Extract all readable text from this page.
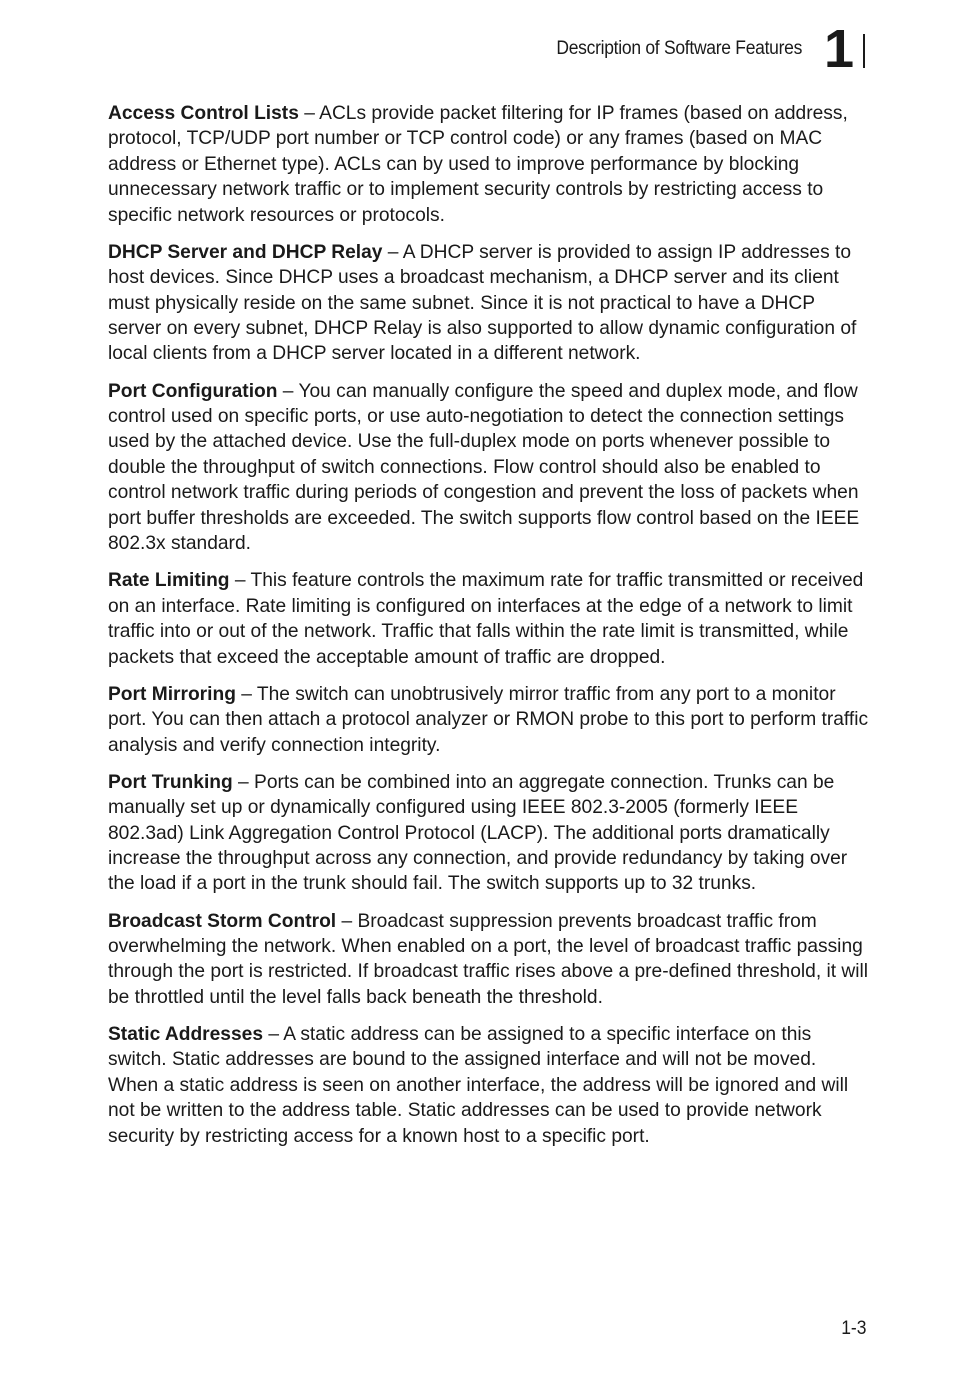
Description of Software Features 1

Access Control Lists – ACLs provide packet filtering for IP frames (based on address, protocol, TCP/UDP port number or TCP control code) or any frames (based on MAC address or Ethernet type). ACLs can by used to improve performance by blocking unnecessary network traffic or to implement security controls by restricting access to specific network resources or protocols.

DHCP Server and DHCP Relay – A DHCP server is provided to assign IP addresses to host devices. Since DHCP uses a broadcast mechanism, a DHCP server and its client must physically reside on the same subnet. Since it is not practical to have a DHCP server on every subnet, DHCP Relay is also supported to allow dynamic configuration of local clients from a DHCP server located in a different network.

Port Configuration – You can manually configure the speed and duplex mode, and flow control used on specific ports, or use auto-negotiation to detect the connection settings used by the attached device. Use the full-duplex mode on ports whenever possible to double the throughput of switch connections. Flow control should also be enabled to control network traffic during periods of congestion and prevent the loss of packets when port buffer thresholds are exceeded. The switch supports flow control based on the IEEE 802.3x standard.

Rate Limiting – This feature controls the maximum rate for traffic transmitted or received on an interface. Rate limiting is configured on interfaces at the edge of a network to limit traffic into or out of the network. Traffic that falls within the rate limit is transmitted, while packets that exceed the acceptable amount of traffic are dropped.

Port Mirroring – The switch can unobtrusively mirror traffic from any port to a monitor port. You can then attach a protocol analyzer or RMON probe to this port to perform traffic analysis and verify connection integrity.

Port Trunking – Ports can be combined into an aggregate connection. Trunks can be manually set up or dynamically configured using IEEE 802.3-2005 (formerly IEEE 802.3ad) Link Aggregation Control Protocol (LACP). The additional ports dramatically increase the throughput across any connection, and provide redundancy by taking over the load if a port in the trunk should fail. The switch supports up to 32 trunks.

Broadcast Storm Control – Broadcast suppression prevents broadcast traffic from overwhelming the network. When enabled on a port, the level of broadcast traffic passing through the port is restricted. If broadcast traffic rises above a pre-defined threshold, it will be throttled until the level falls back beneath the threshold.

Static Addresses – A static address can be assigned to a specific interface on this switch. Static addresses are bound to the assigned interface and will not be moved. When a static address is seen on another interface, the address will be ignored and will not be written to the address table. Static addresses can be used to provide network security by restricting access for a known host to a specific port.

1-3
